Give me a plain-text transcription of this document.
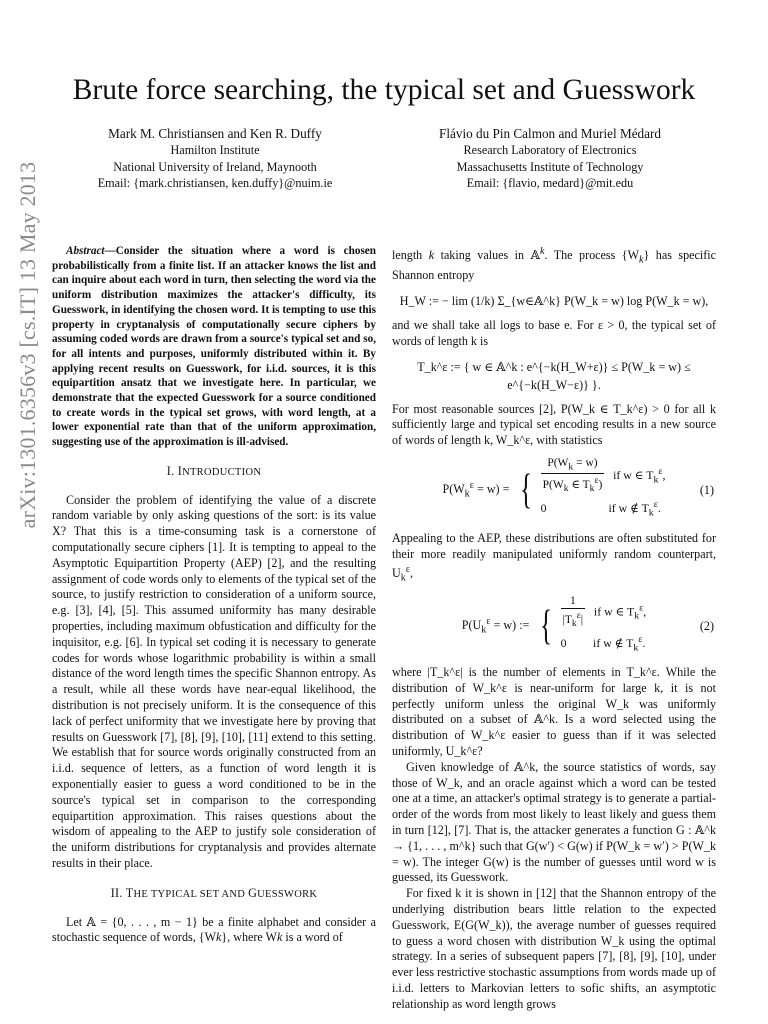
arXiv:1301.6356v3 [cs.IT] 13 May 2013
Brute force searching, the typical set and Guesswork
Mark M. Christiansen and Ken R. Duffy
Hamilton Institute
National University of Ireland, Maynooth
Email: {mark.christiansen, ken.duffy}@nuim.ie
Flávio du Pin Calmon and Muriel Médard
Research Laboratory of Electronics
Massachusetts Institute of Technology
Email: {flavio, medard}@mit.edu

Abstract—Consider the situation where a word is chosen probabilistically from a finite list. If an attacker knows the list and can inquire about each word in turn, then selecting the word via the uniform distribution maximizes the attacker's difficulty, its Guesswork, in identifying the chosen word. It is tempting to use this property in cryptanalysis of computationally secure ciphers by assuming coded words are drawn from a source's typical set and so, for all intents and purposes, uniformly distributed within it. By applying recent results on Guesswork, for i.i.d. sources, it is this equipartition ansatz that we investigate here. In particular, we demonstrate that the expected Guesswork for a source conditioned to create words in the typical set grows, with word length, at a lower exponential rate than that of the uniform approximation, suggesting use of the approximation is ill-advised.

I. INTRODUCTION

Consider the problem of identifying the value of a discrete random variable by only asking questions of the sort: is its value X? That this is a time-consuming task is a cornerstone of computationally secure ciphers [1]. It is tempting to appeal to the Asymptotic Equipartition Property (AEP) [2], and the resulting assignment of code words only to elements of the typical set of the source, to justify restriction to consideration of a uniform source, e.g. [3], [4], [5]. This assumed uniformity has many desirable properties, including maximum obfustication and difficulty for the inquisitor, e.g. [6]. In typical set coding it is necessary to generate codes for words whose logarithmic probability is within a small distance of the word length times the specific Shannon entropy. As a result, while all these words have near-equal likelihood, the distribution is not precisely uniform. It is the consequence of this lack of perfect uniformity that we investigate here by proving that results on Guesswork [7], [8], [9], [10], [11] extend to this setting. We establish that for source words originally constructed from an i.i.d. sequence of letters, as a function of word length it is exponentially easier to guess a word conditioned to be in the source's typical set in comparison to the corresponding equipartition approximation. This raises questions about the wisdom of appealing to the AEP to justify sole consideration of the uniform distributions for cryptanalysis and provides alternate results in their place.

II. THE TYPICAL SET AND GUESSWORK

Let 𝔸 = {0, . . . , m − 1} be a finite alphabet and consider a stochastic sequence of words, {Wk}, where Wk is a word of

length k taking values in 𝔸$^k$. The process $\{W_k\}$ has specific Shannon entropy

H_W := − lim (1/k) Σ_{w∈𝔸^k} P(W_k = w) log P(W_k = w),

and we shall take all logs to base e. For ε > 0, the typical set of words of length k is

T_k^ε := { w ∈ 𝔸^k : e^{−k(H_W+ε)} ≤ P(W_k = w) ≤ e^{−k(H_W−ε)} }.

For most reasonable sources [2], P(W_k ∈ T_k^ε) > 0 for all k sufficiently large and typical set encoding results in a new source of words of length k, W_k^ε, with statistics

$P(W_k^\varepsilon = w)$ = { $\frac{P(W_k = w)}{P(W_k \in T_k^\varepsilon)}$ if w ∈ $T_k^\varepsilon$,
0	if w ∉ $T_k^\varepsilon$.
(1)

Appealing to the AEP, these distributions are often substituted for their more readily manipulated uniformly random counterpart, $U_k^\varepsilon$,

$P(U_k^\varepsilon = w)$ := { $\frac{1}{|T_k^\varepsilon|}$ if w ∈ $T_k^\varepsilon$,
0         if w ∉ $T_k^\varepsilon$.
(2)

where |T_k^ε| is the number of elements in T_k^ε. While the distribution of W_k^ε is near-uniform for large k, it is not perfectly uniform unless the original W_k was uniformly distributed on a subset of 𝔸^k. Is a word selected using the distribution of W_k^ε easier to guess than if it was selected uniformly, U_k^ε?

Given knowledge of 𝔸^k, the source statistics of words, say those of W_k, and an oracle against which a word can be tested one at a time, an attacker's optimal strategy is to generate a partial-order of the words from most likely to least likely and guess them in turn [12], [7]. That is, the attacker generates a function G : 𝔸^k → {1, . . . , m^k} such that G(w′) < G(w) if P(W_k = w′) > P(W_k = w). The integer G(w) is the number of guesses until word w is guessed, its Guesswork.

For fixed k it is shown in [12] that the Shannon entropy of the underlying distribution bears little relation to the expected Guesswork, E(G(W_k)), the average number of guesses required to guess a word chosen with distribution W_k using the optimal strategy. In a series of subsequent papers [7], [8], [9], [10], under ever less restrictive stochastic assumptions from words made up of i.i.d. letters to Markovian letters to sofic shifts, an asymptotic relationship as word length grows
